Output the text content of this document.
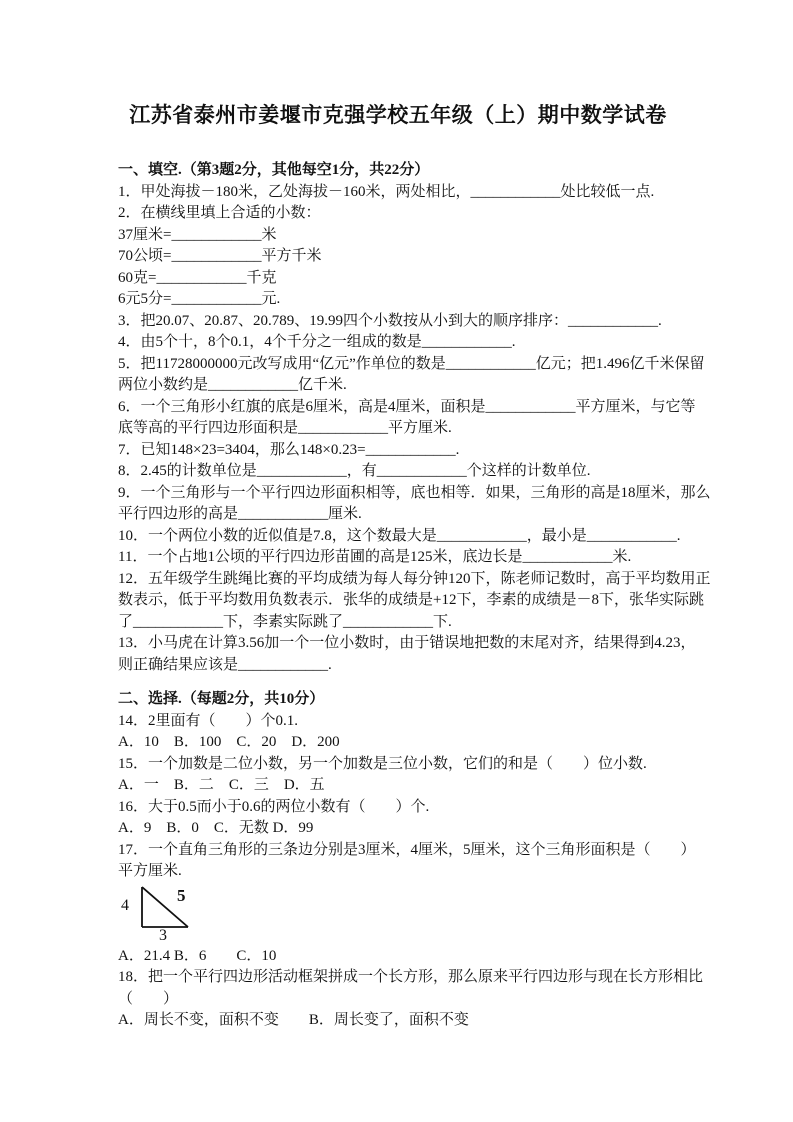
江苏省泰州市姜堰市克强学校五年级（上）期中数学试卷
一、填空.（第3题2分，其他每空1分，共22分）

1．甲处海拔－180米，乙处海拔－160米，两处相比，____________处比较低一点.

2．在横线里填上合适的小数：

37厘米=____________米

70公顷=____________平方千米

60克=____________千克

6元5分=____________元.

3．把20.07、20.87、20.789、19.99四个小数按从小到大的顺序排序：____________.

4．由5个十，8个0.1，4个千分之一组成的数是____________.

5．把11728000000元改写成用“亿元”作单位的数是____________亿元；把1.496亿千米保留

两位小数约是____________亿千米.

6．一个三角形小红旗的底是6厘米，高是4厘米，面积是____________平方厘米，与它等

底等高的平行四边形面积是____________平方厘米.

7．已知148×23=3404，那么148×0.23=____________.

8．2.45的计数单位是____________，有____________个这样的计数单位.

9．一个三角形与一个平行四边形面积相等，底也相等．如果，三角形的高是18厘米，那么

平行四边形的高是____________厘米.

10．一个两位小数的近似值是7.8，这个数最大是____________，最小是____________.

11．一个占地1公顷的平行四边形苗圃的高是125米，底边长是____________米.

12．五年级学生跳绳比赛的平均成绩为每人每分钟120下，陈老师记数时，高于平均数用正

数表示，低于平均数用负数表示．张华的成绩是+12下，李素的成绩是－8下，张华实际跳

了____________下，李素实际跳了____________下.

13．小马虎在计算3.56加一个一位小数时，由于错误地把数的末尾对齐，结果得到4.23，

则正确结果应该是____________.

二、选择.（每题2分，共10分）

14．2里面有（　　）个0.1.

A．10　B．100　C．20　D．200

15．一个加数是二位小数，另一个加数是三位小数，它们的和是（　　）位小数.

A．一　B．二　C．三　D．五

16．大于0.5而小于0.6的两位小数有（　　）个.

A．9　B．0　C．无数 D．99

17．一个直角三角形的三条边分别是3厘米，4厘米，5厘米，这个三角形面积是（　　）

平方厘米.

4
5
3

A．21.4 B．6　　C．10

18．把一个平行四边形活动框架拼成一个长方形，那么原来平行四边形与现在长方形相比

（　　）

A．周长不变，面积不变　　B．周长变了，面积不变
